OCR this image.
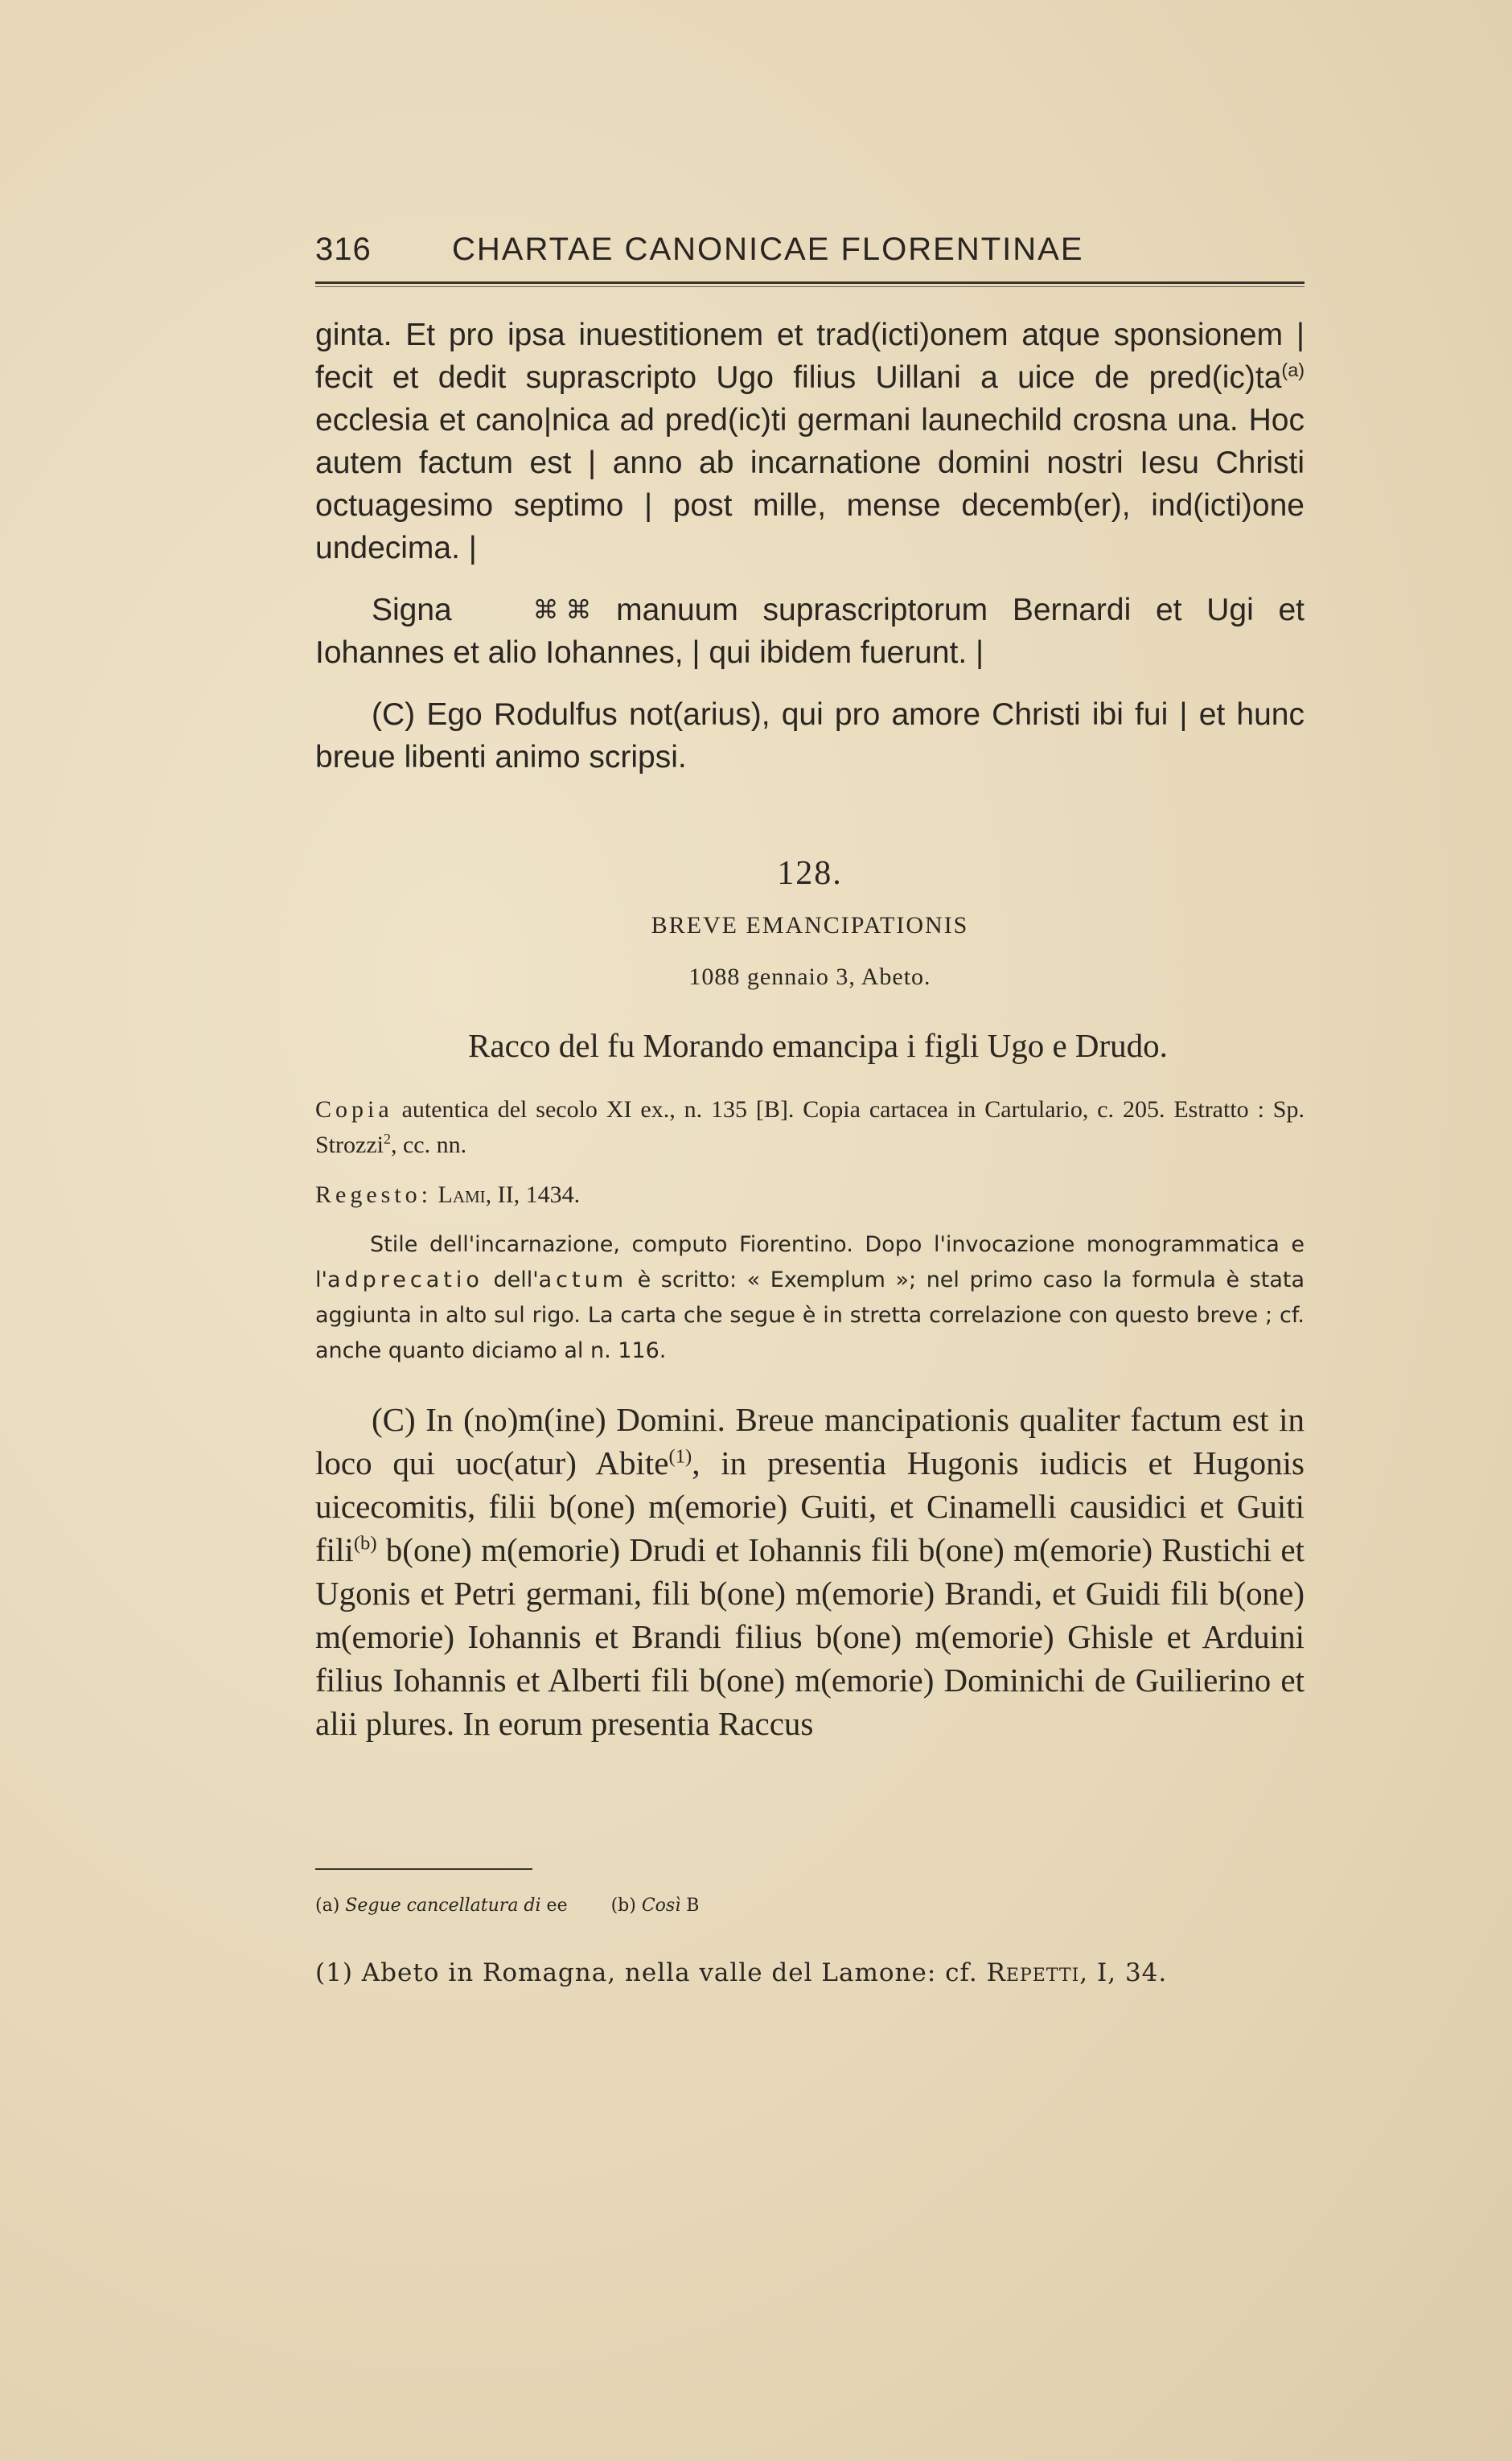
316	CHARTAE CANONICAE FLORENTINAE

ginta. Et pro ipsa inuestitionem et trad(icti)onem atque sponsionem | fecit et dedit suprascripto Ugo filius Uillani a uice de $pred(ic)ta^{(a)}$ ecclesia et cano|nica ad pred(ic)ti germani launechild crosna una. Hoc autem factum est | anno ab incarnatione domini nostri Iesu Christi octuagesimo septimo | post mille, mense decemb(er), ind(icti)one undecima. |

Signa	⌘ ⌘ manuum suprascriptorum Bernardi et Ugi et Iohannes et alio Iohannes, | qui ibidem fuerunt. |

(C) Ego Rodulfus not(arius), qui pro amore Christi ibi fui | et hunc breue libenti animo scripsi.

128.
BREVE EMANCIPATIONIS
1088 gennaio 3, Abeto.
Racco del fu Morando emancipa i figli Ugo e Drudo.

Copia autentica del secolo XI ex., n. 135 [B]. Copia cartacea in Cartulario, c. 205. Estratto : Sp. Strozzi$^2$, cc. nn.

Regesto: Lami, II, 1434.

Stile dell'incarnazione, computo Fiorentino. Dopo l'invocazione monogrammatica e l'adprecatio dell'actum è scritto: « Exemplum »; nel primo caso la formula è stata aggiunta in alto sul rigo. La carta che segue è in stretta correlazione con questo breve ; cf. anche quanto diciamo al n. 116.

(C) In (no)m(ine) Domini. Breue mancipationis qualiter factum est in loco qui uoc(atur) Abite$^{(1)}$, in presentia Hugonis iudicis et Hugonis uicecomitis, filii b(one) m(emorie) Guiti, et Cinamelli causidici et Guiti fili$^{(b)}$ b(one) m(emorie) Drudi et Iohannis fili b(one) m(emorie) Rustichi et Ugonis et Petri germani, fili b(one) m(emorie) Brandi, et Guidi fili b(one) m(emorie) Iohannis et Brandi filius b(one) m(emorie) Ghisle et Arduini filius Iohannis et Alberti fili b(one) m(emorie) Dominichi de Guilierino et alii plures. In eorum presentia Raccus

(a) Segue cancellatura di ee (b) Così B
(1) Abeto in Romagna, nella valle del Lamone: cf. Repetti, I, 34.
